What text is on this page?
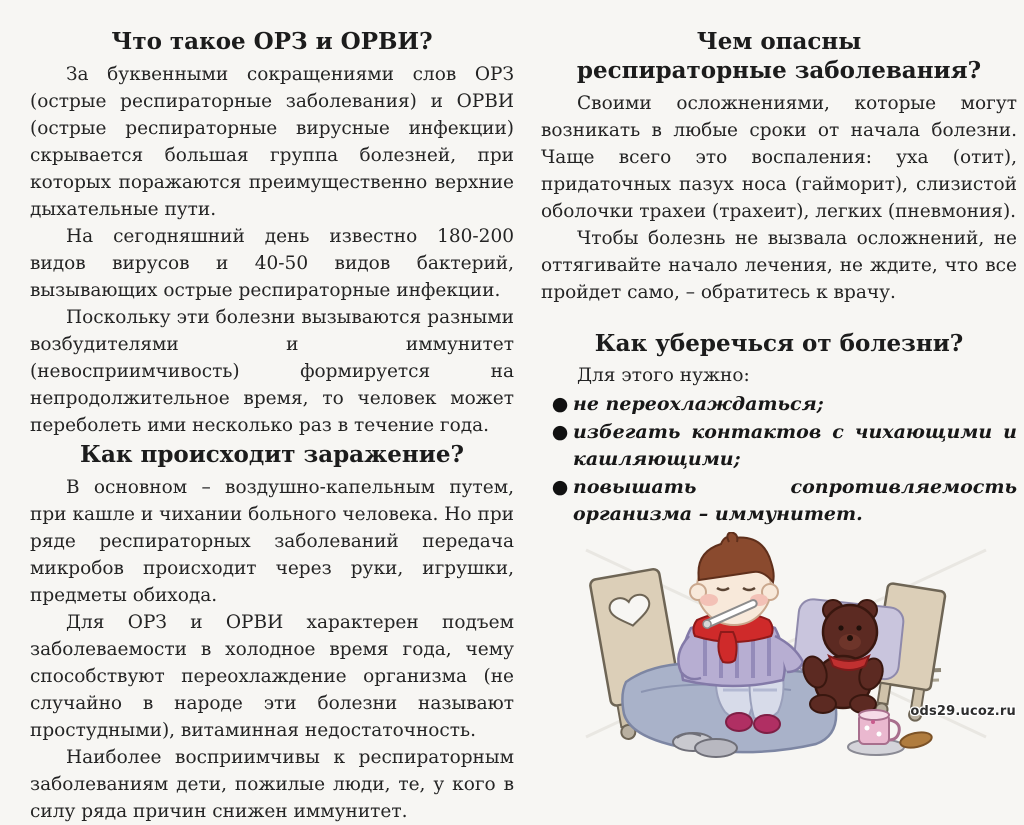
Что такое ОРЗ и ОРВИ?

За буквенными сокращениями слов ОРЗ (острые респираторные заболевания) и ОРВИ (острые респираторные вирусные инфекции) скрывается большая группа болезней, при которых поражаются преимущественно верхние дыхательные пути.

На сегодняшний день известно 180-200 видов вирусов и 40-50 видов бактерий, вызывающих острые респираторные инфекции.

Поскольку эти болезни вызываются разными возбудителями и иммунитет (невосприимчивость) формируется на непродолжительное время, то человек может переболеть ими несколько раз в течение года.

Как происходит заражение?

В основном – воздушно-капельным путем, при кашле и чихании больного человека. Но при ряде респираторных заболеваний передача микробов происходит через руки, игрушки, предметы обихода.

Для ОРЗ и ОРВИ характерен подъем заболеваемости в холодное время года, чему способствуют переохлаждение организма (не случайно в народе эти болезни называют простудными), витаминная недостаточность.

Наиболее восприимчивы к респираторным заболеваниям дети, пожилые люди, те, у кого в силу ряда причин снижен иммунитет.

Чем опасны
респираторные заболевания?

Своими осложнениями, которые могут возникать в любые сроки от начала болезни. Чаще всего это воспаления: уха (отит), придаточных пазух носа (гайморит), слизистой оболочки трахеи (трахеит), легких (пневмония).

Чтобы болезнь не вызвала осложнений, не оттягивайте начало лечения, не ждите, что все пройдет само, – обратитесь к врачу.

Как уберечься от болезни?

Для этого нужно:

● не переохлаждаться;
● избегать контактов с чихающими и кашляющими;
● повышать сопротивляемость организма – иммунитет.
ods29.ucoz.ru
